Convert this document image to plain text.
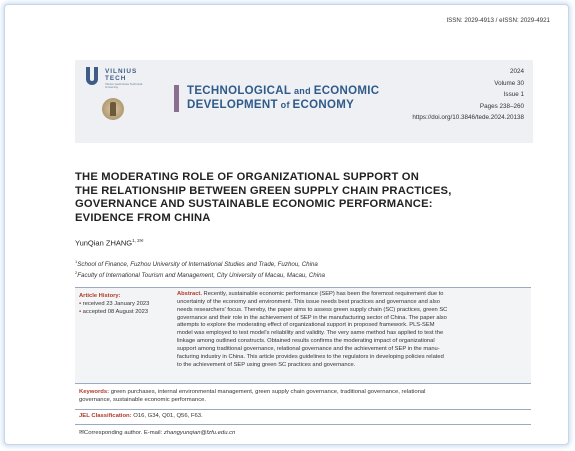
ISSN: 2029-4913 / eISSN: 2029-4921
VILNIUS
TECH
Vilnius Gediminas Technical University	TECHNOLOGICAL and ECONOMIC
DEVELOPMENT of ECONOMY
2024
Volume 30
Issue 1
Pages 238–260
https://doi.org/10.3846/tede.2024.20138
THE MODERATING ROLE OF ORGANIZATIONAL SUPPORT ON
THE RELATIONSHIP BETWEEN GREEN SUPPLY CHAIN PRACTICES,
GOVERNANCE AND SUSTAINABLE ECONOMIC PERFORMANCE:
EVIDENCE FROM CHINA
YunQian $ZHANG^{1, 2✉}$
$^1$School of Finance, Fuzhou University of International Studies and Trade, Fuzhou, China
$^2$Faculty of International Tourism and Management, City University of Macau, Macau, China
Article History:
▪ received 23 January 2023
▪ accepted 08 August 2023
Abstract. Recently, sustainable economic performance (SEP) has been the foremost requirement due to
uncertainty of the economy and environment. This issue needs best practices and governance and also
needs researchers' focus. Thereby, the paper aims to assess green supply chain (SC) practices, green SC
governance and their role in the achievement of SEP in the manufacturing sector of China. The paper also
attempts to explore the moderating effect of organizational support in proposed framework. PLS-SEM
model was employed to test model's reliability and validity. The very same method has applied to test the
linkage among outlined constructs. Obtained results confirms the moderating impact of organizational
support among traditional governance, relational governance and the achievement of SEP in the manu-
facturing industry in China. This article provides guidelines to the regulators in developing policies related
to the achievement of SEP using green SC practices and governance.
Keywords: green purchases, internal environmental management, green supply chain governance, traditional governance, relational
governance, sustainable economic performance.
JEL Classification: O16, G34, Q01, Q56, F63.
✉Corresponding author. E-mail: zhangyunqian@fzfu.edu.cn
